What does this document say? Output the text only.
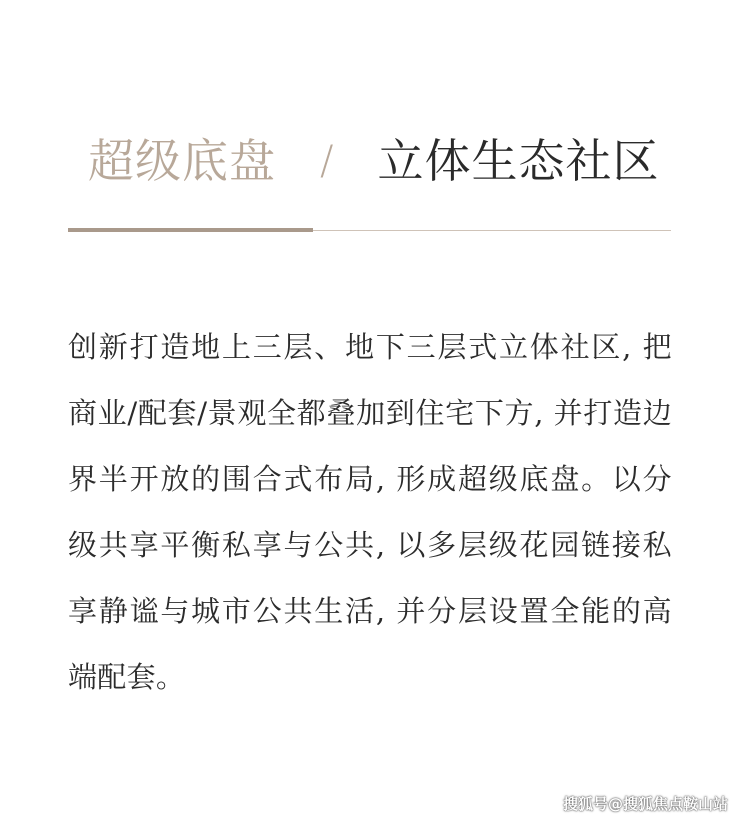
超级底盘 / 立体生态社区
创新打造地上三层、地下三层式立体社区, 把商业/配套/景观全都叠加到住宅下方, 并打造边界半开放的围合式布局, 形成超级底盘。以分级共享平衡私享与公共, 以多层级花园链接私享静谧与城市公共生活, 并分层设置全能的高端配套。
搜狐号@搜狐焦点鞍山站
